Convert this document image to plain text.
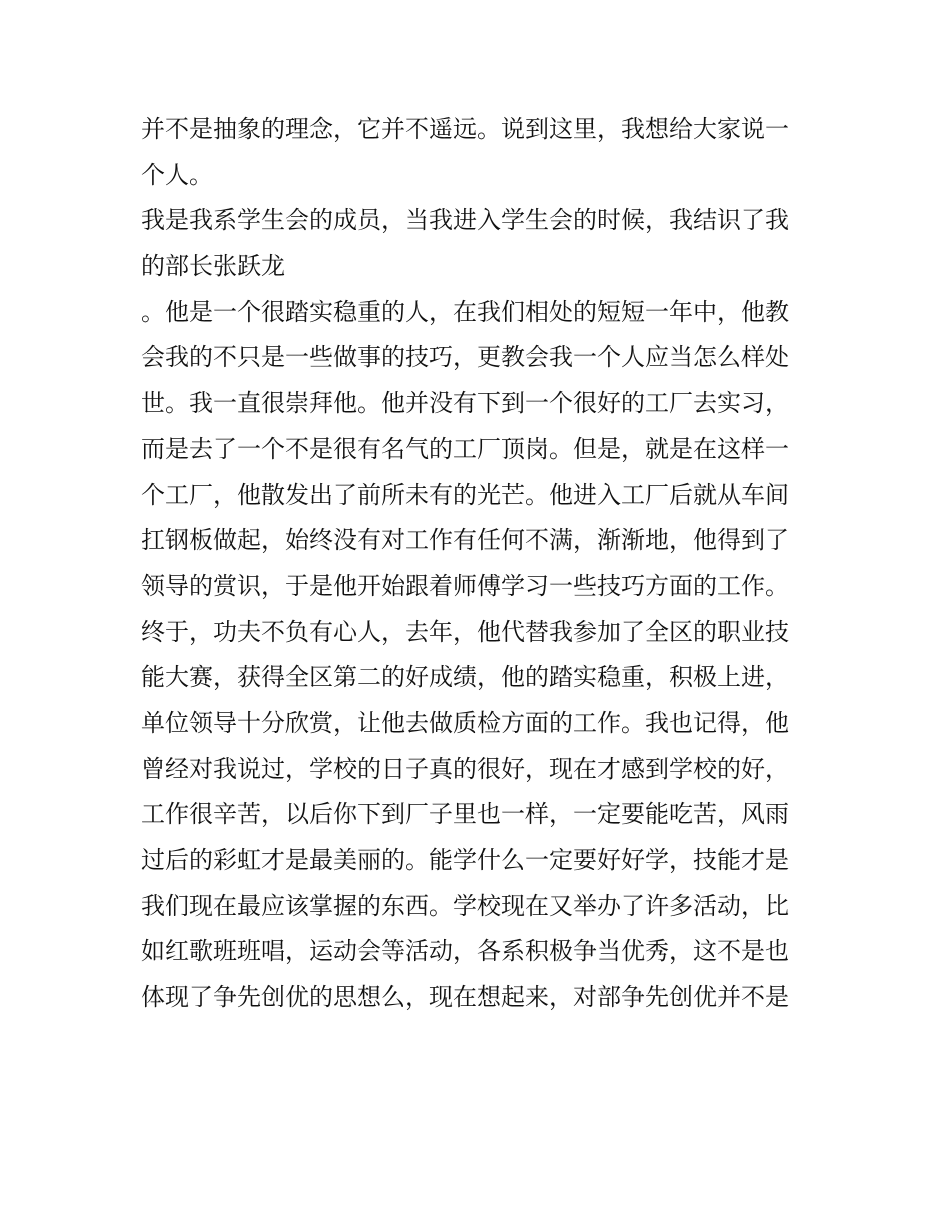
并不是抽象的理念，它并不遥远。说到这里，我想给大家说一
个人。
我是我系学生会的成员，当我进入学生会的时候，我结识了我
的部长张跃龙
。他是一个很踏实稳重的人，在我们相处的短短一年中，他教
会我的不只是一些做事的技巧，更教会我一个人应当怎么样处
世。我一直很崇拜他。他并没有下到一个很好的工厂去实习，
而是去了一个不是很有名气的工厂顶岗。但是，就是在这样一
个工厂，他散发出了前所未有的光芒。他进入工厂后就从车间
扛钢板做起，始终没有对工作有任何不满，渐渐地，他得到了
领导的赏识，于是他开始跟着师傅学习一些技巧方面的工作。
终于，功夫不负有心人，去年，他代替我参加了全区的职业技
能大赛，获得全区第二的好成绩，他的踏实稳重，积极上进，
单位领导十分欣赏，让他去做质检方面的工作。我也记得，他
曾经对我说过，学校的日子真的很好，现在才感到学校的好，
工作很辛苦，以后你下到厂子里也一样，一定要能吃苦，风雨
过后的彩虹才是最美丽的。能学什么一定要好好学，技能才是
我们现在最应该掌握的东西。学校现在又举办了许多活动，比
如红歌班班唱，运动会等活动，各系积极争当优秀，这不是也
体现了争先创优的思想么，现在想起来，对部争先创优并不是
